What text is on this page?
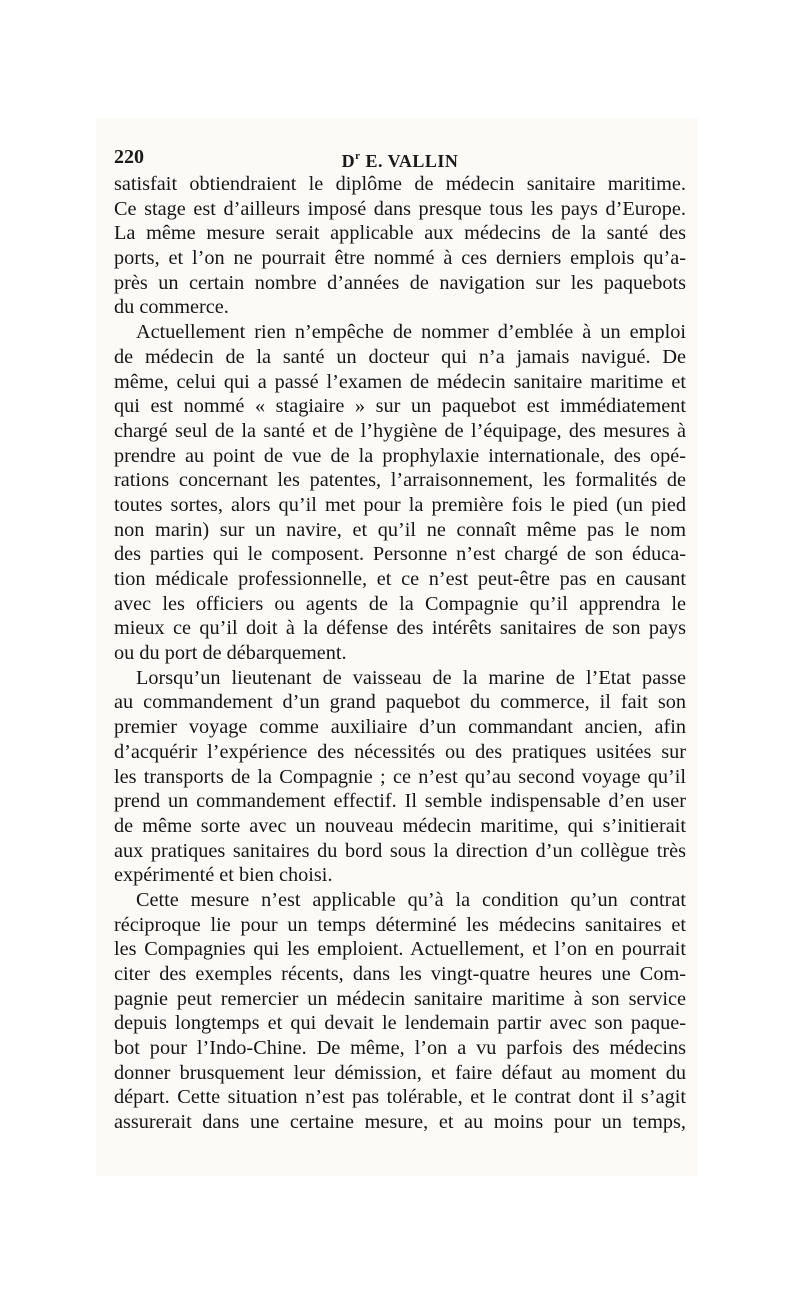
220	$D^r$ E. VALLIN
satisfait obtiendraient le diplôme de médecin sanitaire maritime.
Ce stage est d’ailleurs imposé dans presque tous les pays d’Europe.
La même mesure serait applicable aux médecins de la santé des
ports, et l’on ne pourrait être nommé à ces derniers emplois qu’a-
près un certain nombre d’années de navigation sur les paquebots
du commerce.
Actuellement rien n’empêche de nommer d’emblée à un emploi
de médecin de la santé un docteur qui n’a jamais navigué. De
même, celui qui a passé l’examen de médecin sanitaire maritime et
qui est nommé « stagiaire » sur un paquebot est immédiatement
chargé seul de la santé et de l’hygiène de l’équipage, des mesures à
prendre au point de vue de la prophylaxie internationale, des opé-
rations concernant les patentes, l’arraisonnement, les formalités de
toutes sortes, alors qu’il met pour la première fois le pied (un pied
non marin) sur un navire, et qu’il ne connaît même pas le nom
des parties qui le composent. Personne n’est chargé de son éduca-
tion médicale professionnelle, et ce n’est peut-être pas en causant
avec les officiers ou agents de la Compagnie qu’il apprendra le
mieux ce qu’il doit à la défense des intérêts sanitaires de son pays
ou du port de débarquement.
Lorsqu’un lieutenant de vaisseau de la marine de l’Etat passe
au commandement d’un grand paquebot du commerce, il fait son
premier voyage comme auxiliaire d’un commandant ancien, afin
d’acquérir l’expérience des nécessités ou des pratiques usitées sur
les transports de la Compagnie ; ce n’est qu’au second voyage qu’il
prend un commandement effectif. Il semble indispensable d’en user
de même sorte avec un nouveau médecin maritime, qui s’initierait
aux pratiques sanitaires du bord sous la direction d’un collègue très
expérimenté et bien choisi.
Cette mesure n’est applicable qu’à la condition qu’un contrat
réciproque lie pour un temps déterminé les médecins sanitaires et
les Compagnies qui les emploient. Actuellement, et l’on en pourrait
citer des exemples récents, dans les vingt-quatre heures une Com-
pagnie peut remercier un médecin sanitaire maritime à son service
depuis longtemps et qui devait le lendemain partir avec son paque-
bot pour l’Indo-Chine. De même, l’on a vu parfois des médecins
donner brusquement leur démission, et faire défaut au moment du
départ. Cette situation n’est pas tolérable, et le contrat dont il s’agit
assurerait dans une certaine mesure, et au moins pour un temps,
